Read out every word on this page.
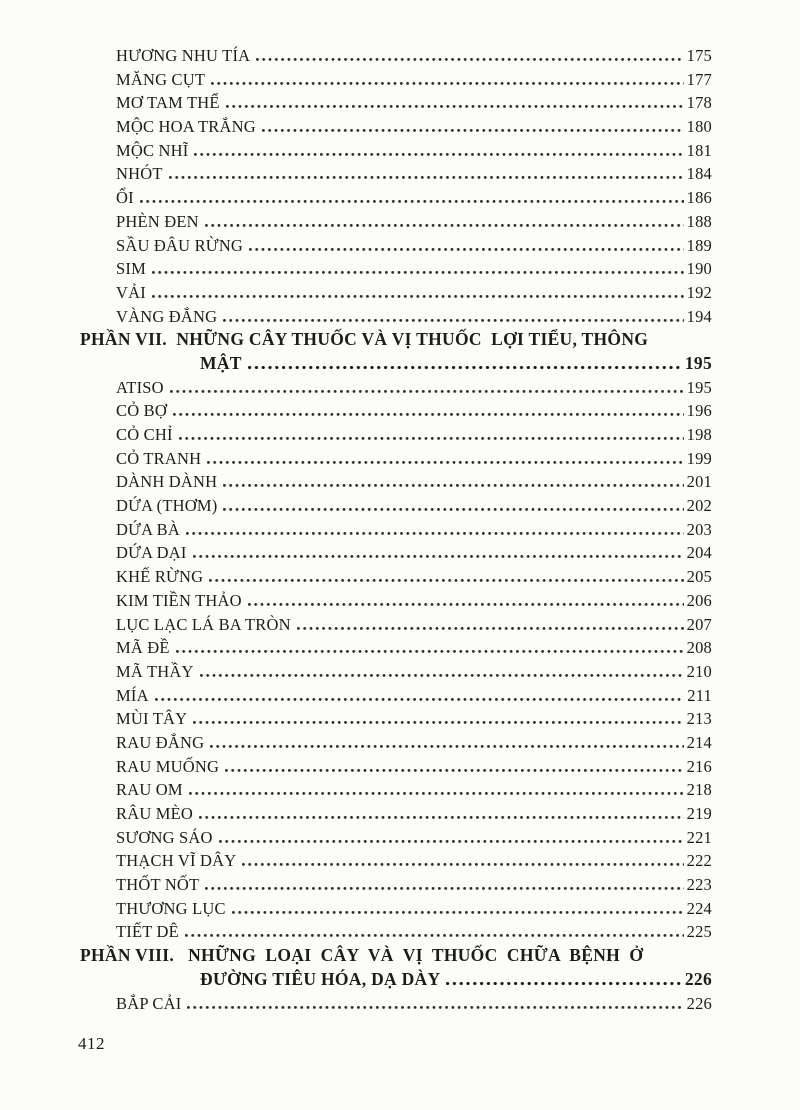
HƯƠNG NHU TÍA	175
MĂNG CỤT	177
MƠ TAM THỂ	178
MỘC HOA TRẮNG	180
MỘC NHĨ	181
NHÓT	184
ỔI	186
PHÈN ĐEN	188
SẦU ĐÂU RỪNG	189
SIM	190
VẢI	192
VÀNG ĐẮNG	194
PHẦN VII.  NHỮNG CÂY THUỐC VÀ VỊ THUỐC  LỢI TIỂU, THÔNG
MẬT	195
ATISO	195
CỎ BỢ	196
CỎ CHỈ	198
CỎ TRANH	199
DÀNH DÀNH	201
DỨA (THƠM)	202
DỨA BÀ	203
DỨA DẠI	204
KHẾ RỪNG	205
KIM TIỀN THẢO	206
LỤC LẠC LÁ BA TRÒN	207
MÃ ĐỀ	208
MÃ THẦY	210
MÍA	211
MÙI TÂY	213
RAU ĐẮNG	214
RAU MUỐNG	216
RAU OM	218
RÂU MÈO	219
SƯƠNG SÁO	221
THẠCH VĨ DÂY	222
THỐT NỐT	223
THƯƠNG LỤC	224
TIẾT DÊ	225
PHẦN VIII.   NHỮNG  LOẠI  CÂY  VÀ  VỊ  THUỐC  CHỮA  BỆNH  Ở
ĐƯỜNG TIÊU HÓA, DẠ DÀY	226
BẮP CẢI	226
412
